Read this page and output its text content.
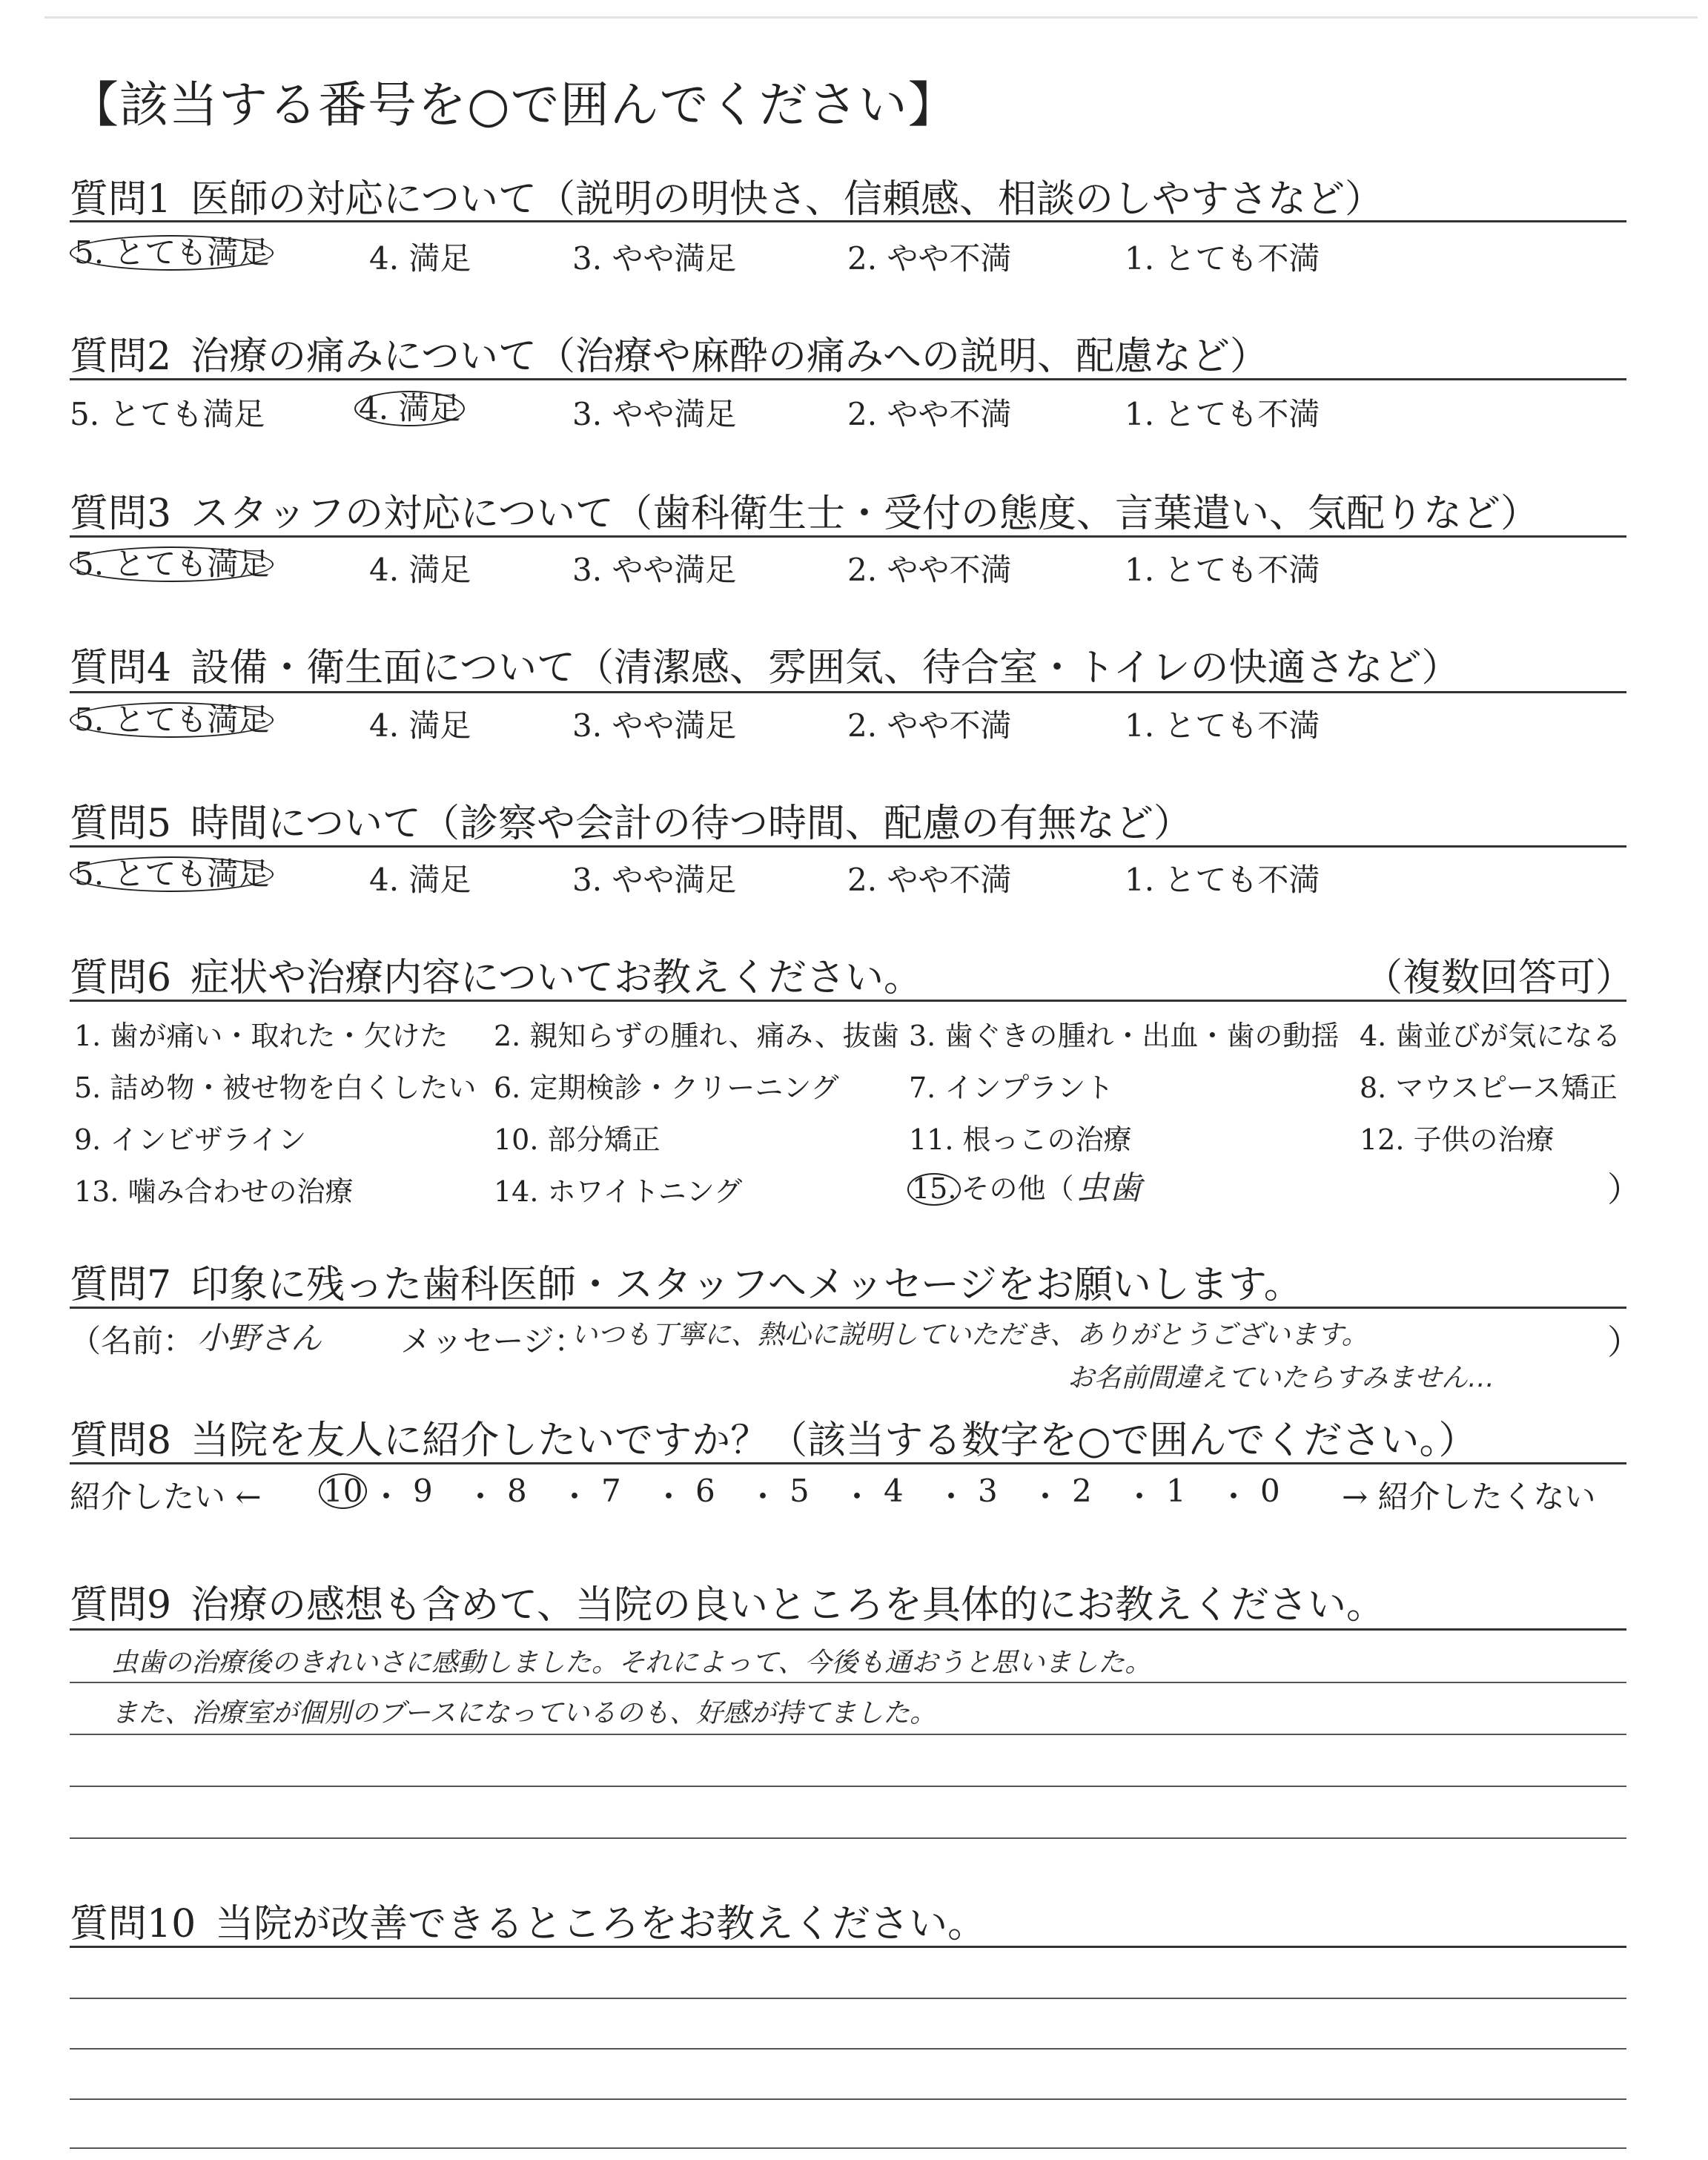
【該当する番号を○で囲んでください】
質問1 医師の対応について（説明の明快さ、信頼感、相談のしやすさなど）
5. とても満足	4. 満足	3. やや満足	2. やや不満	1. とても不満
質問2 治療の痛みについて（治療や麻酔の痛みへの説明、配慮など）
5. とても満足	4. 満足	3. やや満足	2. やや不満	1. とても不満
質問3 スタッフの対応について（歯科衛生士・受付の態度、言葉遣い、気配りなど）
5. とても満足	4. 満足	3. やや満足	2. やや不満	1. とても不満
質問4 設備・衛生面について（清潔感、雰囲気、待合室・トイレの快適さなど）
5. とても満足	4. 満足	3. やや満足	2. やや不満	1. とても不満
質問5 時間について（診察や会計の待つ時間、配慮の有無など）
5. とても満足	4. 満足	3. やや満足	2. やや不満	1. とても不満
質問6 症状や治療内容についてお教えください。	（複数回答可）
1. 歯が痛い・取れた・欠けた 2. 親知らずの腫れ、痛み、抜歯 3. 歯ぐきの腫れ・出血・歯の動揺 4. 歯並びが気になる
5. 詰め物・被せ物を白くしたい 6. 定期検診・クリーニング 7. インプラント	8. マウスピース矯正
9. インビザライン	10. 部分矯正	11. 根っこの治療	12. 子供の治療
13. 噛み合わせの治療	14. ホワイトニング	15. その他（ 虫歯	）
質問7 印象に残った歯科医師・スタッフへメッセージをお願いします。
（名前： 小野さん	メッセージ：
いつも丁寧に、熱心に説明していただき、ありがとうございます。	）
お名前間違えていたらすみません…
質問8 当院を友人に紹介したいですか？（該当する数字を○で囲んでください。）
紹介したい ←	→ 紹介したくない
10 ・ 9 ・ 8 ・ 7 ・ 6 ・ 5 ・ 4 ・ 3 ・ 2 ・ 1 ・ 0
質問9 治療の感想も含めて、当院の良いところを具体的にお教えください。
虫歯の治療後のきれいさに感動しました。それによって、今後も通おうと思いました。
また、治療室が個別のブースになっているのも、好感が持てました。
質問10 当院が改善できるところをお教えください。
